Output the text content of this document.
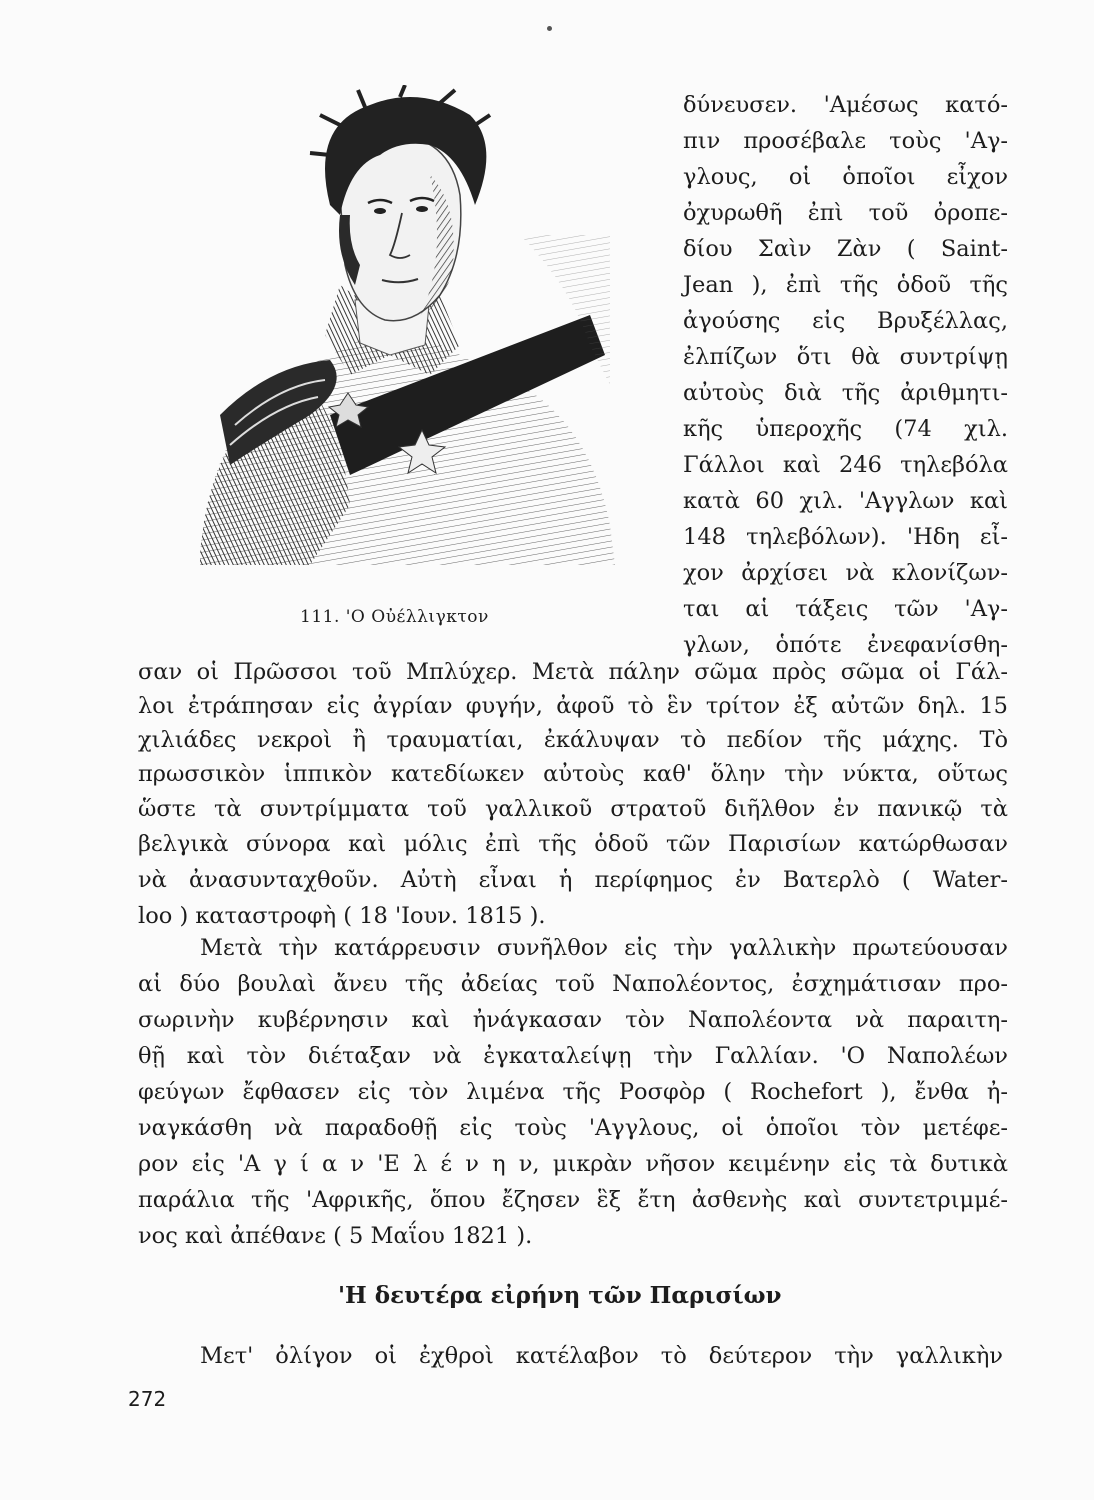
111. 'Ο Οὐέλλιγκτον
δύνευσεν. 'Αμέσως κατό-
πιν προσέβαλε τοὺς 'Αγ-
γλους, οἱ ὁποῖοι εἶχον
ὀχυρωθῆ ἐπὶ τοῦ ὀροπε-
δίου Σαὶν Ζὰν ( Saint-
Jean ), ἐπὶ τῆς ὁδοῦ τῆς
ἀγούσης εἰς Βρυξέλλας,
ἐλπίζων ὅτι θὰ συντρίψῃ
αὐτοὺς διὰ τῆς ἀριθμητι-
κῆς ὑπεροχῆς (74 χιλ.
Γάλλοι καὶ 246 τηλεβόλα
κατὰ 60 χιλ. 'Αγγλων καὶ
148 τηλεβόλων). 'Ηδη εἶ-
χον ἀρχίσει νὰ κλονίζων-
ται αἱ τάξεις τῶν 'Αγ-
γλων, ὁπότε ἐνεφανίσθη-
σαν οἱ Πρῶσσοι τοῦ Μπλύχερ. Μετὰ πάλην σῶμα πρὸς σῶμα οἱ Γάλ-
λοι ἐτράπησαν εἰς ἀγρίαν φυγήν, ἀφοῦ τὸ ἓν τρίτον ἐξ αὐτῶν δηλ. 15
χιλιάδες νεκροὶ ἢ τραυματίαι, ἐκάλυψαν τὸ πεδίον τῆς μάχης. Τὸ
πρωσσικὸν ἱππικὸν κατεδίωκεν αὐτοὺς καθ' ὅλην τὴν νύκτα, οὕτως
ὥστε τὰ συντρίμματα τοῦ γαλλικοῦ στρατοῦ διῆλθον ἐν πανικῷ τὰ
βελγικὰ σύνορα καὶ μόλις ἐπὶ τῆς ὁδοῦ τῶν Παρισίων κατώρθωσαν
νὰ ἀνασυνταχθοῦν. Αὐτὴ εἶναι ἡ περίφημος ἐν Βατερλὸ ( Water-
loo ) καταστροφὴ ( 18 'Ιουν. 1815 ).
Μετὰ τὴν κατάρρευσιν συνῆλθον εἰς τὴν γαλλικὴν πρωτεύουσαν
αἱ δύο βουλαὶ ἄνευ τῆς ἀδείας τοῦ Ναπολέοντος, ἐσχημάτισαν προ-
σωρινὴν κυβέρνησιν καὶ ἠνάγκασαν τὸν Ναπολέοντα νὰ παραιτη-
θῇ καὶ τὸν διέταξαν νὰ ἐγκαταλείψῃ τὴν Γαλλίαν. 'Ο Ναπολέων
φεύγων ἔφθασεν εἰς τὸν λιμένα τῆς Ροσφὸρ ( Rochefort ), ἔνθα ἠ-
ναγκάσθη νὰ παραδοθῇ εἰς τοὺς 'Αγγλους, οἱ ὁποῖοι τὸν μετέφε-
ρον εἰς 'Α γ ί α ν 'Ε λ έ ν η ν, μικρὰν νῆσον κειμένην εἰς τὰ δυτικὰ
παράλια τῆς 'Αφρικῆς, ὅπου ἔζησεν ἓξ ἔτη ἀσθενὴς καὶ συντετριμμέ-
νος καὶ ἀπέθανε ( 5 Μαΐου 1821 ).
'Η δευτέρα εἰρήνη τῶν Παρισίων
Μετ' ὀλίγον οἱ ἐχθροὶ κατέλαβον τὸ δεύτερον τὴν γαλλικὴν
272
